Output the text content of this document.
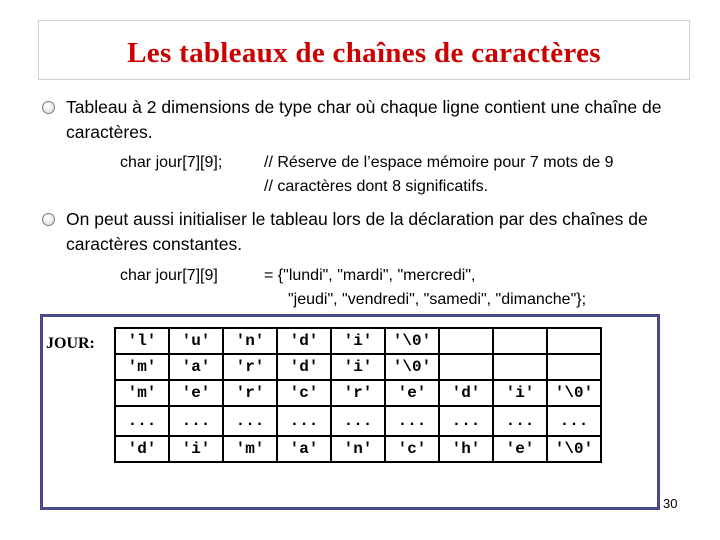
Les tableaux de chaînes de caractères
Tableau à 2 dimensions de type char où chaque ligne contient une chaîne de
caractères.
char jour[7][9];	// Réserve de l’espace mémoire pour 7 mots de 9
// caractères dont 8 significatifs.
On peut aussi initialiser le tableau lors de la déclaration par des chaînes de
caractères constantes.
char jour[7][9]	= {"lundi", "mardi", "mercredi",
"jeudi", "vendredi", "samedi", "dimanche"};
JOUR: 'l'	'u'	'n'	'd'	'i'	'\0'			
'm'	'a'	'r'	'd'	'i'	'\0'			
'm'	'e'	'r'	'c'	'r'	'e'	'd'	'i'	'\0'
...	...	...	...	...	...	...	...	...
'd'	'i'	'm'	'a'	'n'	'c'	'h'	'e'	'\0'
30
